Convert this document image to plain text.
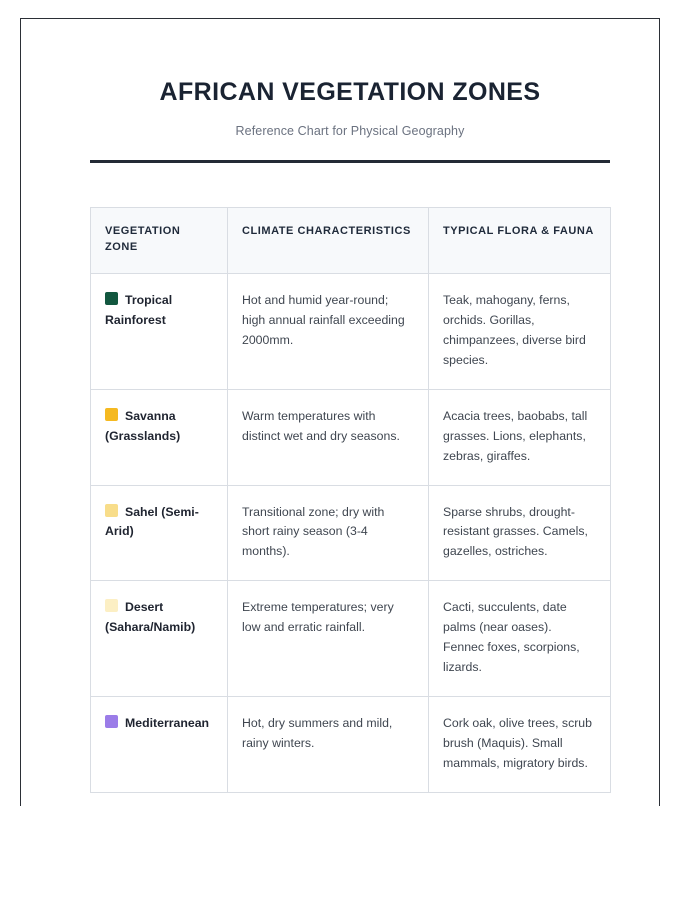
AFRICAN VEGETATION ZONES
Reference Chart for Physical Geography
VEGETATION ZONE	CLIMATE CHARACTERISTICS	TYPICAL FLORA & FAUNA
Tropical Rainforest	Hot and humid year-round; high annual rainfall exceeding 2000mm.	Teak, mahogany, ferns, orchids. Gorillas, chimpanzees, diverse bird species.
Savanna (Grasslands)	Warm temperatures with distinct wet and dry seasons.	Acacia trees, baobabs, tall grasses. Lions, elephants, zebras, giraffes.
Sahel (Semi-Arid)	Transitional zone; dry with short rainy season (3-4 months).	Sparse shrubs, drought-resistant grasses. Camels, gazelles, ostriches.
Desert (Sahara/Namib)	Extreme temperatures; very low and erratic rainfall.	Cacti, succulents, date palms (near oases). Fennec foxes, scorpions, lizards.
Mediterranean	Hot, dry summers and mild, rainy winters.	Cork oak, olive trees, scrub brush (Maquis). Small mammals, migratory birds.
